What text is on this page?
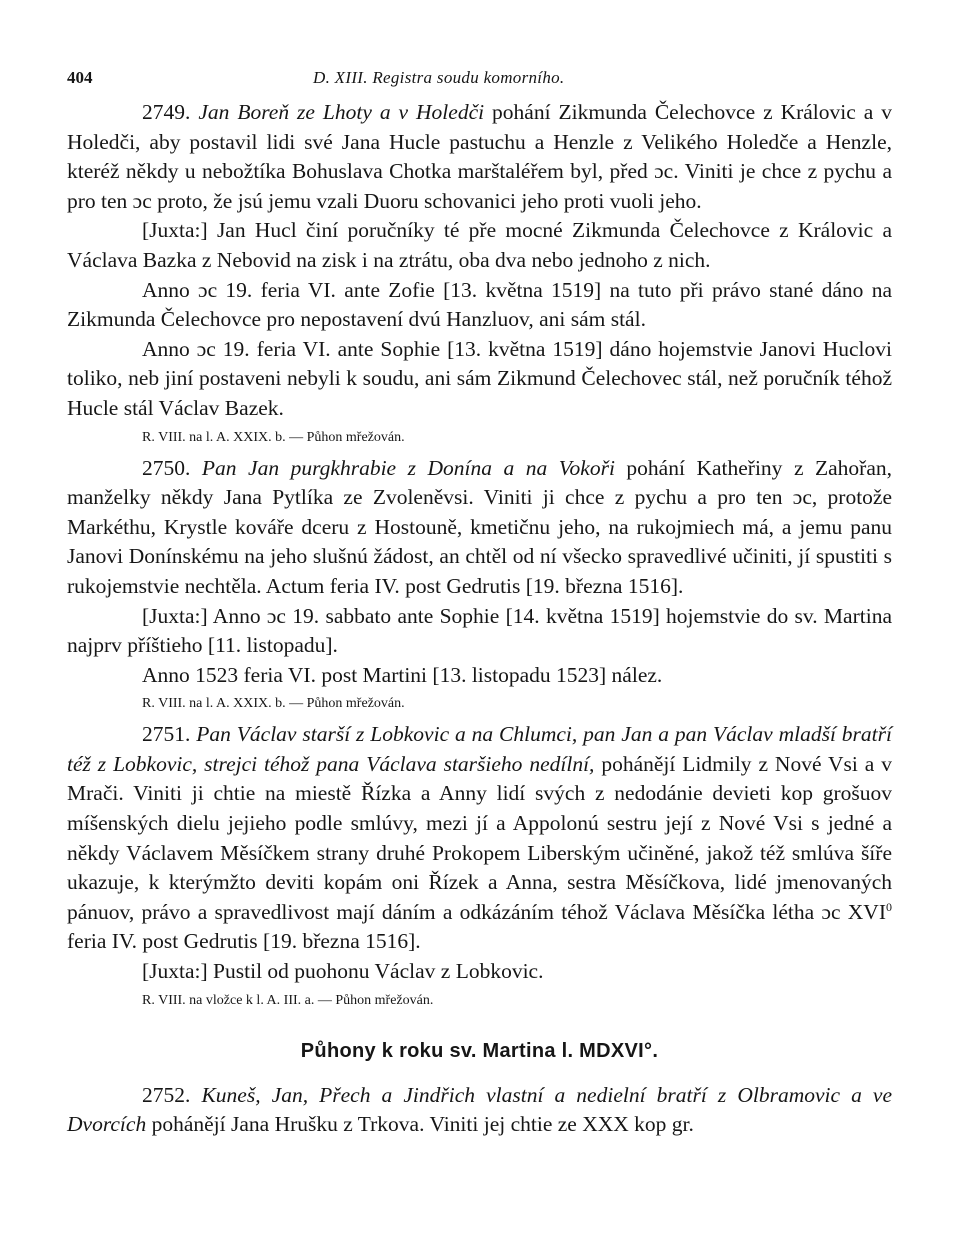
404	D. XIII. Registra soudu komorního.

2749. Jan Boreň ze Lhoty a v Holedči pohání Zikmunda Čelechovce z Královic a v Holedči, aby postavil lidi své Jana Hucle pastuchu a Henzle z Velikého Holedče a Henzle, kteréž někdy u nebožtíka Bohuslava Chotka marštaléřem byl, před ɔc. Viniti je chce z pychu a pro ten ɔc proto, že jsú jemu vzali Duoru schovanici jeho proti vuoli jeho.

[Juxta:] Jan Hucl činí poručníky té pře mocné Zikmunda Čelechovce z Královic a Václava Bazka z Nebovid na zisk i na ztrátu, oba dva nebo jednoho z nich.

Anno ɔc 19. feria VI. ante Zofie [13. května 1519] na tuto při právo stané dáno na Zikmunda Čelechovce pro nepostavení dvú Hanzluov, ani sám stál.

Anno ɔc 19. feria VI. ante Sophie [13. května 1519] dáno hojemstvie Janovi Huclovi toliko, neb jiní postaveni nebyli k soudu, ani sám Zikmund Čelechovec stál, než poručník téhož Hucle stál Václav Bazek.

R. VIII. na l. A. XXIX. b. — Půhon mřežován.

2750. Pan Jan purgkhrabie z Donína a na Vokoři pohání Katheřiny z Zahořan, manželky někdy Jana Pytlíka ze Zvoleněvsi. Viniti ji chce z pychu a pro ten ɔc, protože Markéthu, Krystle kováře dceru z Hostouně, kmetičnu jeho, na rukojmiech má, a jemu panu Janovi Donínskému na jeho slušnú žádost, an chtěl od ní všecko spravedlivé učiniti, jí spustiti s rukojemstvie nechtěla. Actum feria IV. post Gedrutis [19. března 1516].

[Juxta:] Anno ɔc 19. sabbato ante Sophie [14. května 1519] hojemstvie do sv. Martina najprv příštieho [11. listopadu].

Anno 1523 feria VI. post Martini [13. listopadu 1523] nález.

R. VIII. na l. A. XXIX. b. — Půhon mřežován.

2751. Pan Václav starší z Lobkovic a na Chlumci, pan Jan a pan Václav mladší bratří též z Lobkovic, strejci téhož pana Václava staršieho nedílní, pohánějí Lidmily z Nové Vsi a v Mrači. Viniti ji chtie na miestě Řízka a Anny lidí svých z nedodánie devieti kop grošuov míšenských dielu jejieho podle smlúvy, mezi jí a Appolonú sestru její z Nové Vsi s jedné a někdy Václavem Měsíčkem strany druhé Prokopem Liberským učiněné, jakož též smlúva šíře ukazuje, k kterýmžto deviti kopám oni Řízek a Anna, sestra Měsíčkova, lidé jmenovaných pánuov, právo a spravedlivost mají dáním a odkázáním téhož Václava Měsíčka létha ɔc XVI$^0$ feria IV. post Gedrutis [19. března 1516].

[Juxta:] Pustil od puohonu Václav z Lobkovic.

R. VIII. na vložce k l. A. III. a. — Půhon mřežován.
Půhony k roku sv. Martina l. MDXVI°.

2752. Kuneš, Jan, Přech a Jindřich vlastní a nedielní bratří z Olbramovic a ve Dvorcích pohánějí Jana Hrušku z Trkova. Viniti jej chtie ze XXX kop gr.
